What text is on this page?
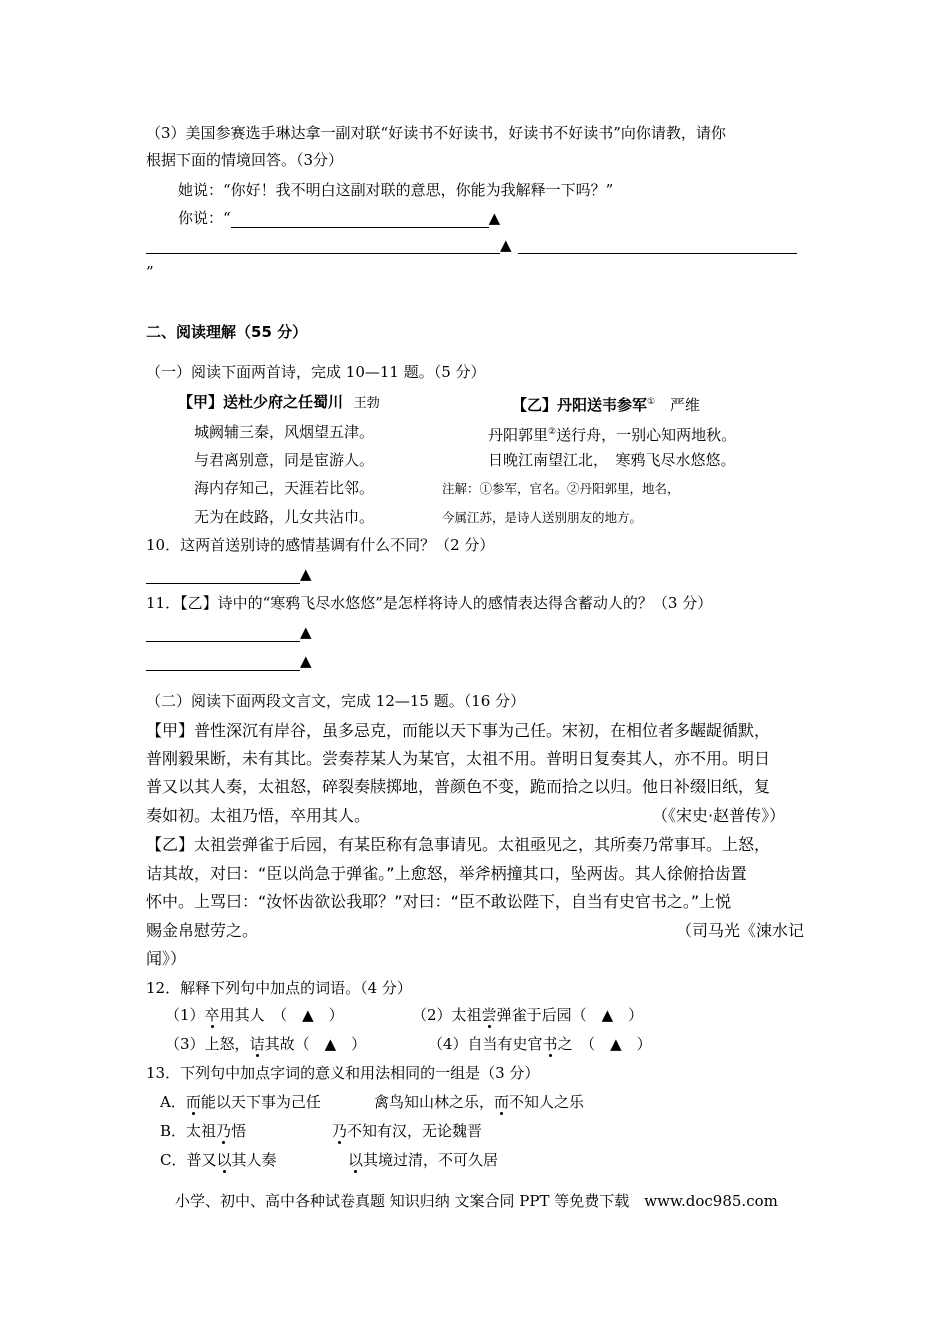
（3）美国参赛选手琳达拿一副对联“好读书不好读书，好读书不好读书”向你请教，请你
根据下面的情境回答。（3分）
她说：“你好！我不明白这副对联的意思，你能为我解释一下吗？”
你说：“	▲
▲
”
二、阅读理解（55 分）
（一）阅读下面两首诗，完成 10—11 题。（5 分）
【甲】送杜少府之任蜀川 王勃	【乙】丹阳送韦参军① 严维
城阙辅三秦，风烟望五津。
与君离别意，同是宦游人。
海内存知己，天涯若比邻。
无为在歧路，儿女共沾巾。
丹阳郭里②送行舟，一别心知两地秋。
日晚江南望江北，　寒鸦飞尽水悠悠。
注解：①参军，官名。②丹阳郭里，地名，
今属江苏，是诗人送别朋友的地方。
10．这两首送别诗的感情基调有什么不同？（2 分）
▲
11．【乙】诗中的“寒鸦飞尽水悠悠”是怎样将诗人的感情表达得含蓄动人的？（3 分）
▲
▲
（二）阅读下面两段文言文，完成 12—15 题。（16 分）
【甲】普性深沉有岸谷，虽多忌克，而能以天下事为己任。宋初，在相位者多龌龊循默，
普刚毅果断，未有其比。尝奏荐某人为某官，太祖不用。普明日复奏其人，亦不用。明日
普又以其人奏，太祖怒，碎裂奏牍掷地，普颜色不变，跪而拾之以归。他日补缀旧纸，复
奏如初。太祖乃悟，卒用其人。	（《宋史·赵普传》）
【乙】太祖尝弹雀于后园，有某臣称有急事请见。太祖亟见之，其所奏乃常事耳。上怒，
诘其故，对曰：“臣以尚急于弹雀。”上愈怒，举斧柄撞其口，坠两齿。其人徐俯拾齿置
怀中。上骂曰：“汝怀齿欲讼我耶？”对曰：“臣不敢讼陛下，自当有史官书之。”上悦
赐金帛慰劳之。	（司马光《涑水记
闻》）
12．解释下列句中加点的词语。（4 分）
（1）卒用其人　（　▲　）	（2）太祖尝弹雀于后园（　▲　）
（3）上怒，诘其故（　▲　）	（4）自当有史官书之　（　▲　）
13．下列句中加点字词的意义和用法相同的一组是（3 分）
A．而能以天下事为己任	禽鸟知山林之乐，而不知人之乐
B．太祖乃悟	乃不知有汉，无论魏晋
C．普又以其人奏	以其境过清，不可久居
小学、初中、高中各种试卷真题 知识归纳 文案合同 PPT 等免费下载　www.doc985.com
